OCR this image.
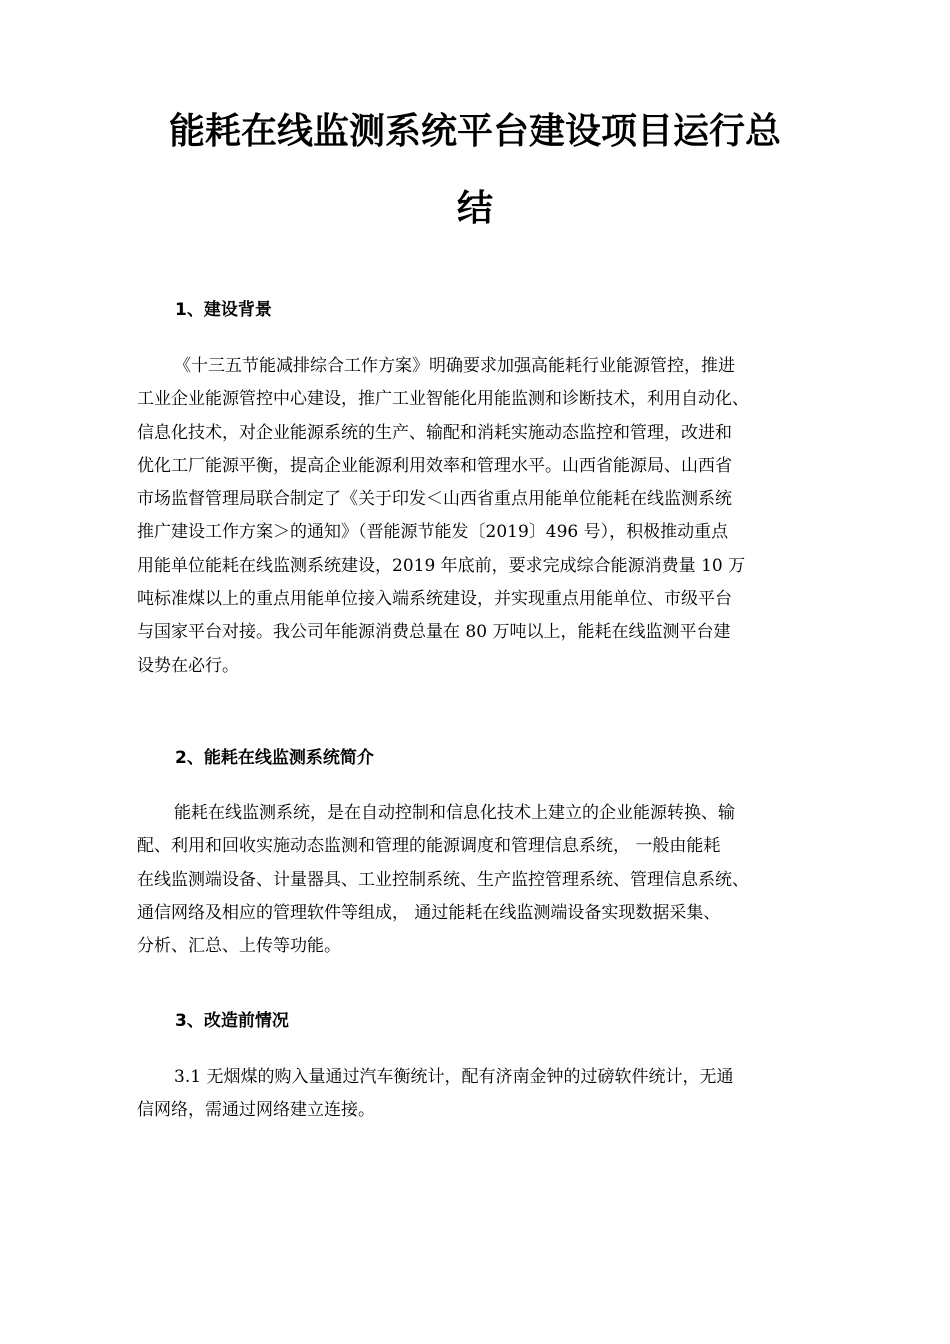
能耗在线监测系统平台建设项目运行总
结
1、建设背景
《十三五节能减排综合工作方案》明确要求加强高能耗行业能源管控，推进
工业企业能源管控中心建设，推广工业智能化用能监测和诊断技术，利用自动化、
信息化技术，对企业能源系统的生产、输配和消耗实施动态监控和管理，改进和
优化工厂能源平衡，提高企业能源利用效率和管理水平。山西省能源局、山西省
市场监督管理局联合制定了《关于印发＜山西省重点用能单位能耗在线监测系统
推广建设工作方案＞的通知》（晋能源节能发〔2019〕496 号），积极推动重点
用能单位能耗在线监测系统建设，2019 年底前，要求完成综合能源消费量 10 万
吨标准煤以上的重点用能单位接入端系统建设，并实现重点用能单位、市级平台
与国家平台对接。我公司年能源消费总量在 80 万吨以上，能耗在线监测平台建
设势在必行。
2、能耗在线监测系统简介
能耗在线监测系统，是在自动控制和信息化技术上建立的企业能源转换、输
配、利用和回收实施动态监测和管理的能源调度和管理信息系统， 一般由能耗
在线监测端设备、计量器具、工业控制系统、生产监控管理系统、管理信息系统、
通信网络及相应的管理软件等组成， 通过能耗在线监测端设备实现数据采集、
分析、汇总、上传等功能。
3、改造前情况
3.1 无烟煤的购入量通过汽车衡统计，配有济南金钟的过磅软件统计，无通
信网络，需通过网络建立连接。
